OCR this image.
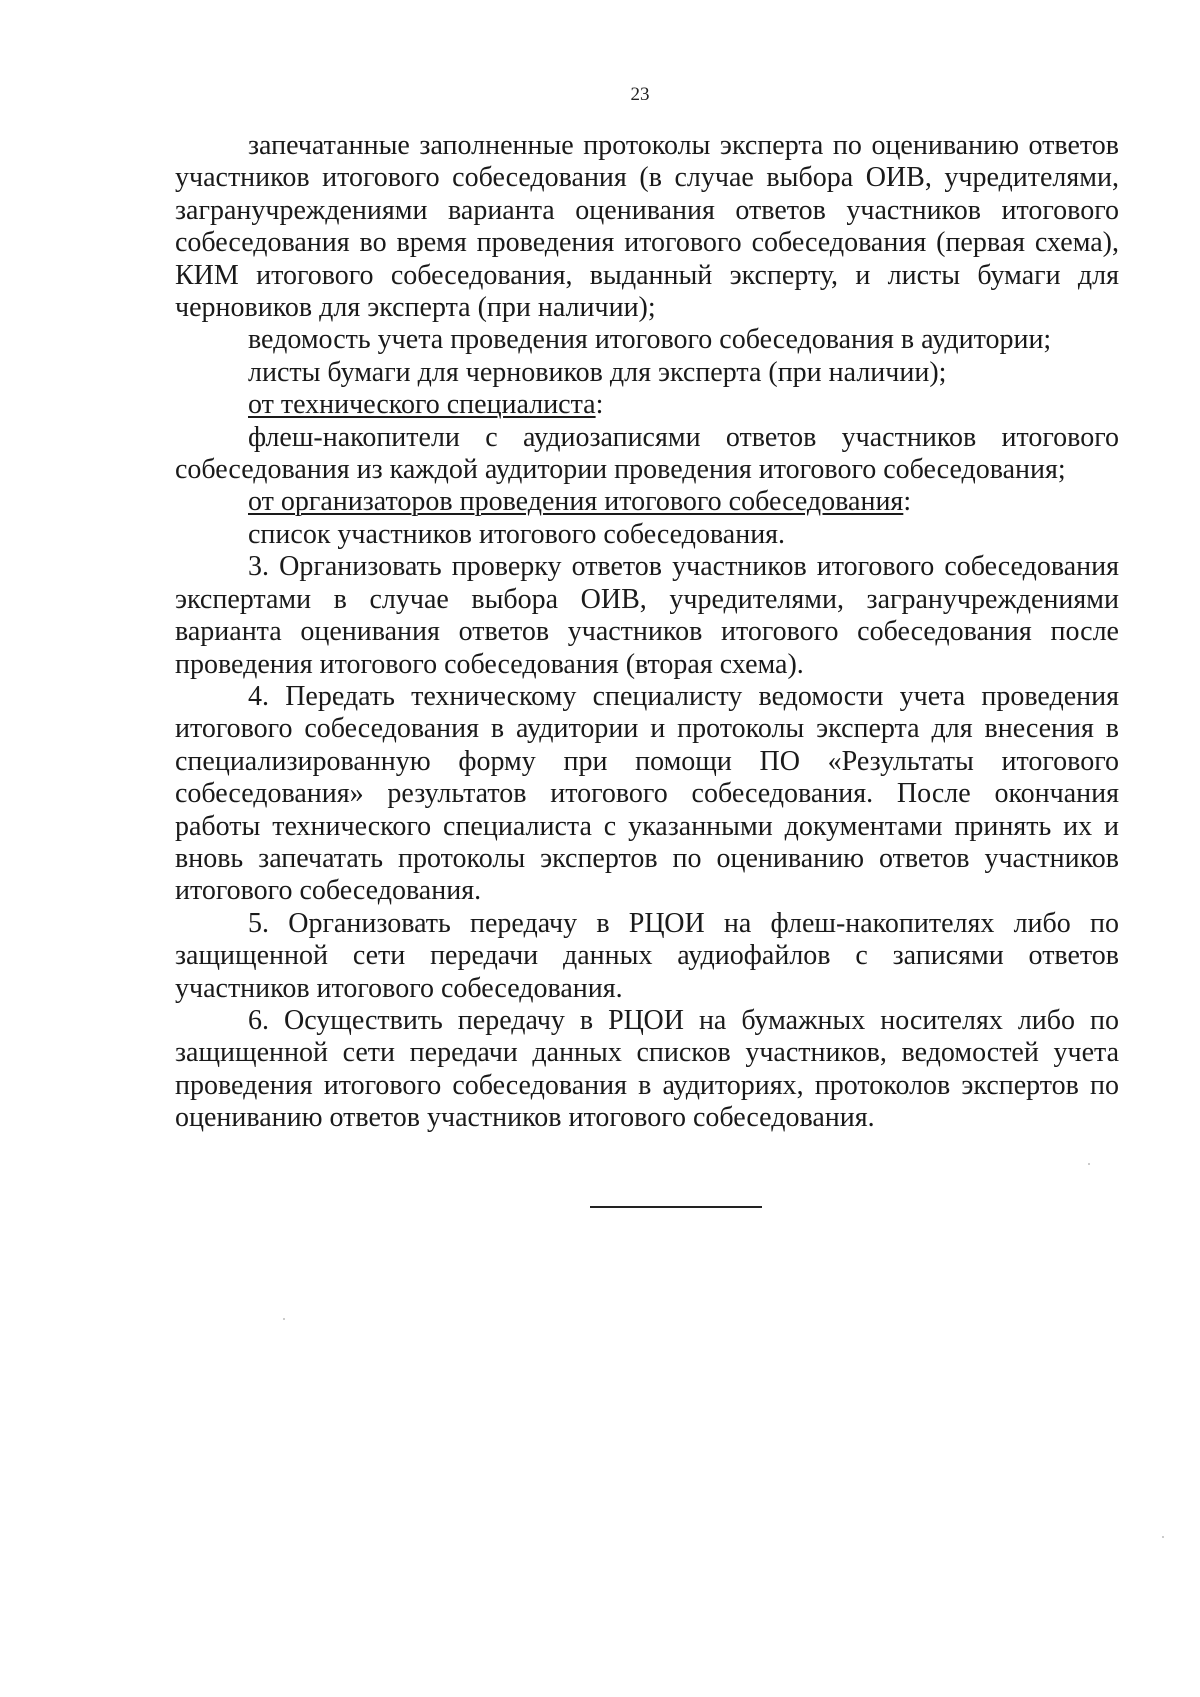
23

запечатанные заполненные протоколы эксперта по оцениванию ответов участников итогового собеседования (в случае выбора ОИВ, учредителями, загранучреждениями варианта оценивания ответов участников итогового собеседования во время проведения итогового собеседования (первая схема), КИМ итогового собеседования, выданный эксперту, и листы бумаги для черновиков для эксперта (при наличии);

ведомость учета проведения итогового собеседования в аудитории;

листы бумаги для черновиков для эксперта (при наличии);

от технического специалиста:

флеш-накопители с аудиозаписями ответов участников итогового собеседования из каждой аудитории проведения итогового собеседования;

от организаторов проведения итогового собеседования:

список участников итогового собеседования.

3. Организовать проверку ответов участников итогового собеседования экспертами в случае выбора ОИВ, учредителями, загранучреждениями варианта оценивания ответов участников итогового собеседования после проведения итогового собеседования (вторая схема).

4. Передать техническому специалисту ведомости учета проведения итогового собеседования в аудитории и протоколы эксперта для внесения в специализированную форму при помощи ПО «Результаты итогового собеседования» результатов итогового собеседования. После окончания работы технического специалиста с указанными документами принять их и вновь запечатать протоколы экспертов по оцениванию ответов участников итогового собеседования.

5. Организовать передачу в РЦОИ на флеш-накопителях либо по защищенной сети передачи данных аудиофайлов с записями ответов участников итогового собеседования.

6. Осуществить передачу в РЦОИ на бумажных носителях либо по защищенной сети передачи данных списков участников, ведомостей учета проведения итогового собеседования в аудиториях, протоколов экспертов по оцениванию ответов участников итогового собеседования.
